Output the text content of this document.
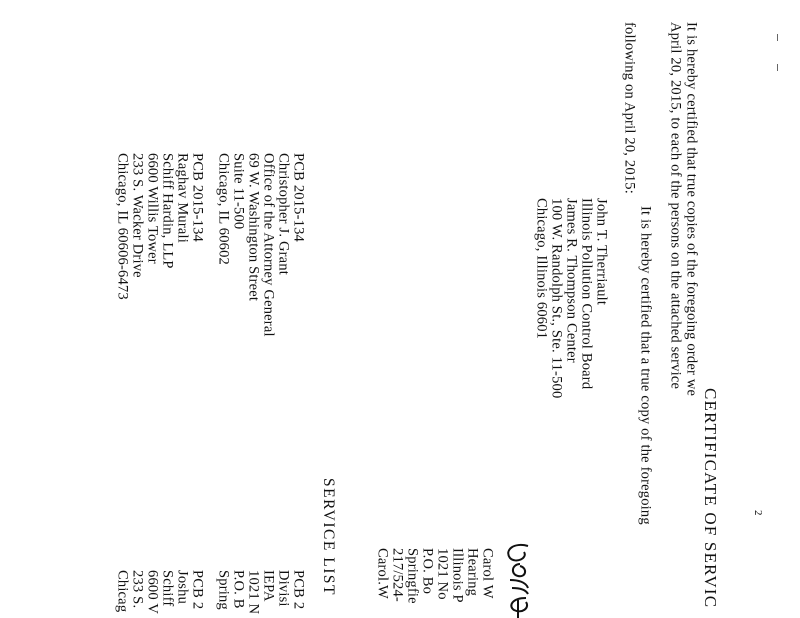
2
CERTIFICATE OF SERVIC
It is hereby certified that true copies of the foregoing order we
April 20, 2015, to each of the persons on the attached service
It is hereby certified that a true copy of the foregoing
following on April 20, 2015:
John T. Therriault
Illinois Pollution Control Board
James R. Thompson Center
100 W. Randolph St., Ste. 11-500
Chicago, Illinois 60601
SERVICE LIST
PCB 2015-134
Christopher J. Grant
Office of the Attorney General
69 W. Washington Street
Suite 11-500
Chicago, IL 60602
PCB 2015-134
Raghav Murali
Schiff Hardin, LLP
6600 Willis Tower
233 S. Wacker Drive
Chicago, IL 60606-6473
Carol W
Hearing
Illinois P
1021 No
P.O. Bo
Springfie
217/524-
Carol.W
PCB 2
Divisi
IEPA
1021 N
P.O. B
Spring
PCB 2
Joshu
Schiff
6600 V
233 S.
Chicag
